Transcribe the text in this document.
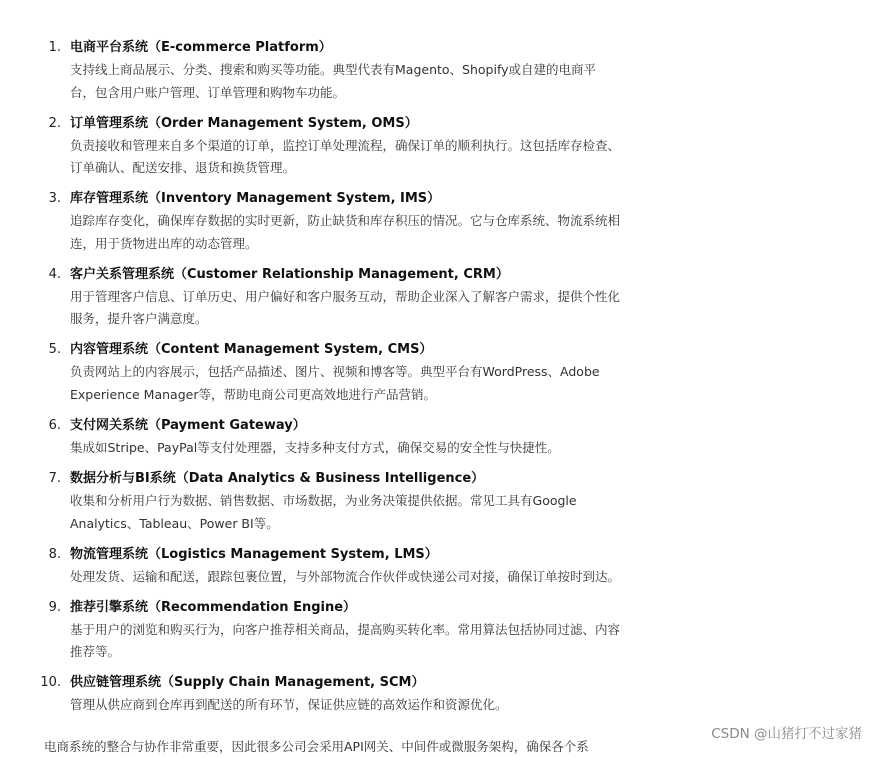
1. 电商平台系统（E-commerce Platform）
支持线上商品展示、分类、搜索和购买等功能。典型代表有Magento、Shopify或自建的电商平台，包含用户账户管理、订单管理和购物车功能。
2. 订单管理系统（Order Management System, OMS）
负责接收和管理来自多个渠道的订单，监控订单处理流程，确保订单的顺利执行。这包括库存检查、订单确认、配送安排、退货和换货管理。
3. 库存管理系统（Inventory Management System, IMS）
追踪库存变化，确保库存数据的实时更新，防止缺货和库存积压的情况。它与仓库系统、物流系统相连，用于货物进出库的动态管理。
4. 客户关系管理系统（Customer Relationship Management, CRM）
用于管理客户信息、订单历史、用户偏好和客户服务互动，帮助企业深入了解客户需求，提供个性化服务，提升客户满意度。
5. 内容管理系统（Content Management System, CMS）
负责网站上的内容展示，包括产品描述、图片、视频和博客等。典型平台有WordPress、Adobe Experience Manager等，帮助电商公司更高效地进行产品营销。
6. 支付网关系统（Payment Gateway）
集成如Stripe、PayPal等支付处理器，支持多种支付方式，确保交易的安全性与快捷性。
7. 数据分析与BI系统（Data Analytics & Business Intelligence）
收集和分析用户行为数据、销售数据、市场数据，为业务决策提供依据。常见工具有Google Analytics、Tableau、Power BI等。
8. 物流管理系统（Logistics Management System, LMS）
处理发货、运输和配送，跟踪包裹位置，与外部物流合作伙伴或快递公司对接，确保订单按时到达。
9. 推荐引擎系统（Recommendation Engine）
基于用户的浏览和购买行为，向客户推荐相关商品，提高购买转化率。常用算法包括协同过滤、内容推荐等。
10. 供应链管理系统（Supply Chain Management, SCM）
管理从供应商到仓库再到配送的所有环节，保证供应链的高效运作和资源优化。

电商系统的整合与协作非常重要，因此很多公司会采用API网关、中间件或微服务架构，确保各个系

CSDN @山猪打不过家猪
